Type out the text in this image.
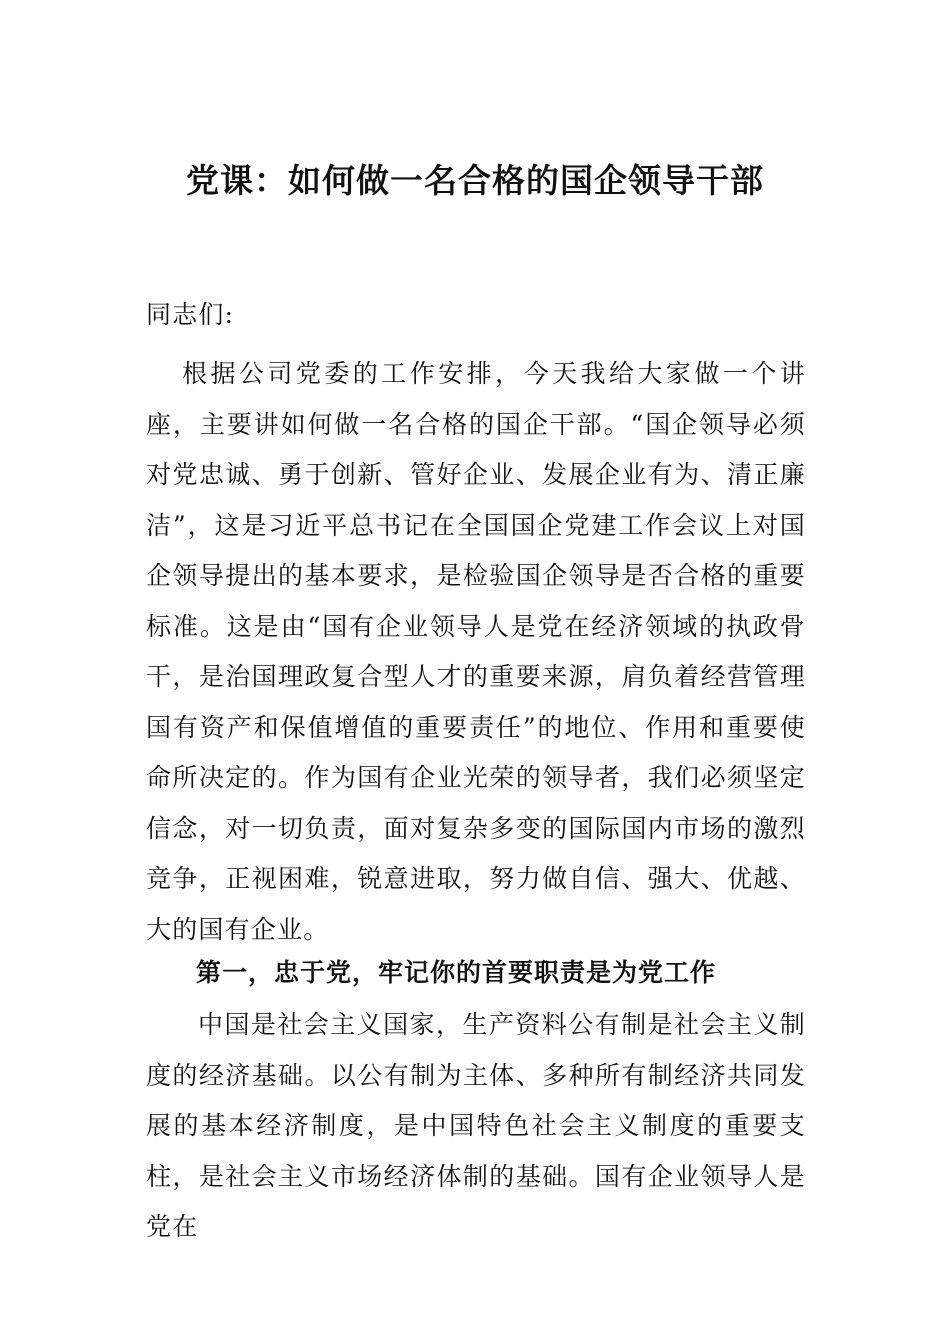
党课：如何做一名合格的国企领导干部

同志们:

根据公司党委的工作安排，今天我给大家做一个讲座，主要讲如何做一名合格的国企干部。“国企领导必须对党忠诚、勇于创新、管好企业、发展企业有为、清正廉洁”，这是习近平总书记在全国国企党建工作会议上对国企领导提出的基本要求，是检验国企领导是否合格的重要标准。这是由“国有企业领导人是党在经济领域的执政骨干，是治国理政复合型人才的重要来源，肩负着经营管理国有资产和保值增值的重要责任”的地位、作用和重要使命所决定的。作为国有企业光荣的领导者，我们必须坚定信念，对一切负责，面对复杂多变的国际国内市场的激烈竞争，正视困难，锐意进取，努力做自信、强大、优越、大的国有企业。

第一，忠于党，牢记你的首要职责是为党工作

中国是社会主义国家，生产资料公有制是社会主义制度的经济基础。以公有制为主体、多种所有制经济共同发展的基本经济制度，是中国特色社会主义制度的重要支柱，是社会主义市场经济体制的基础。国有企业领导人是党在
